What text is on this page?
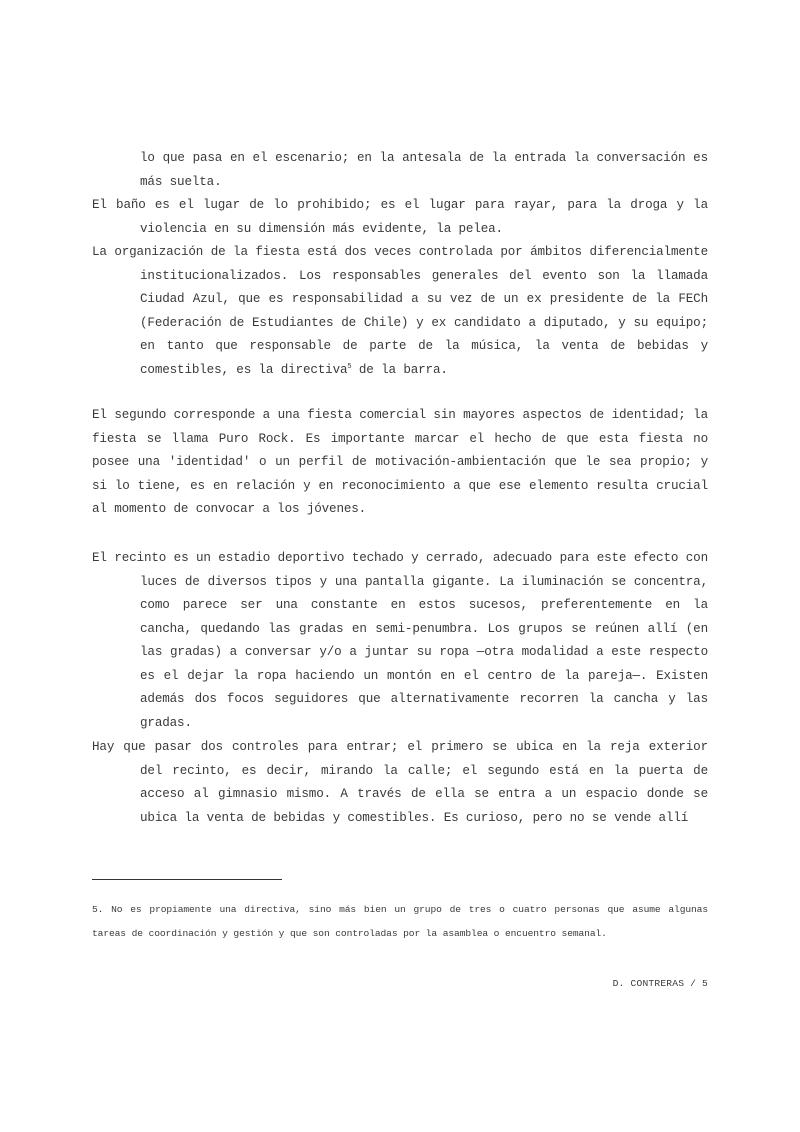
lo que pasa en el escenario; en la antesala de la entrada la conversación es más suelta.
El baño es el lugar de lo prohibido; es el lugar para rayar, para la droga y la violencia en su dimensión más evidente, la pelea.
La organización de la fiesta está dos veces controlada por ámbitos diferencialmente institucionalizados. Los responsables generales del evento son la llamada Ciudad Azul, que es responsabilidad a su vez de un ex presidente de la FECh (Federación de Estudiantes de Chile) y ex candidato a diputado, y su equipo; en tanto que responsable de parte de la música, la venta de bebidas y comestibles, es la directiva$^5$ de la barra.
El segundo corresponde a una fiesta comercial sin mayores aspectos de identidad; la fiesta se llama Puro Rock. Es importante marcar el hecho de que esta fiesta no posee una 'identidad' o un perfil de motivación-ambientación que le sea propio; y si lo tiene, es en relación y en reconocimiento a que ese elemento resulta crucial al momento de convocar a los jóvenes.
El recinto es un estadio deportivo techado y cerrado, adecuado para este efecto con luces de diversos tipos y una pantalla gigante. La iluminación se concentra, como parece ser una constante en estos sucesos, preferentemente en la cancha, quedando las gradas en semi-penumbra. Los grupos se reúnen allí (en las gradas) a conversar y/o a juntar su ropa —otra modalidad a este respecto es el dejar la ropa haciendo un montón en el centro de la pareja—. Existen además dos focos seguidores que alternativamente recorren la cancha y las gradas.
Hay que pasar dos controles para entrar; el primero se ubica en la reja exterior del recinto, es decir, mirando la calle; el segundo está en la puerta de acceso al gimnasio mismo. A través de ella se entra a un espacio donde se ubica la venta de bebidas y comestibles. Es curioso, pero no se vende allí
5. No es propiamente una directiva, sino más bien un grupo de tres o cuatro personas que asume algunas tareas de coordinación y gestión y que son controladas por la asamblea o encuentro semanal.
D. CONTRERAS / 5
